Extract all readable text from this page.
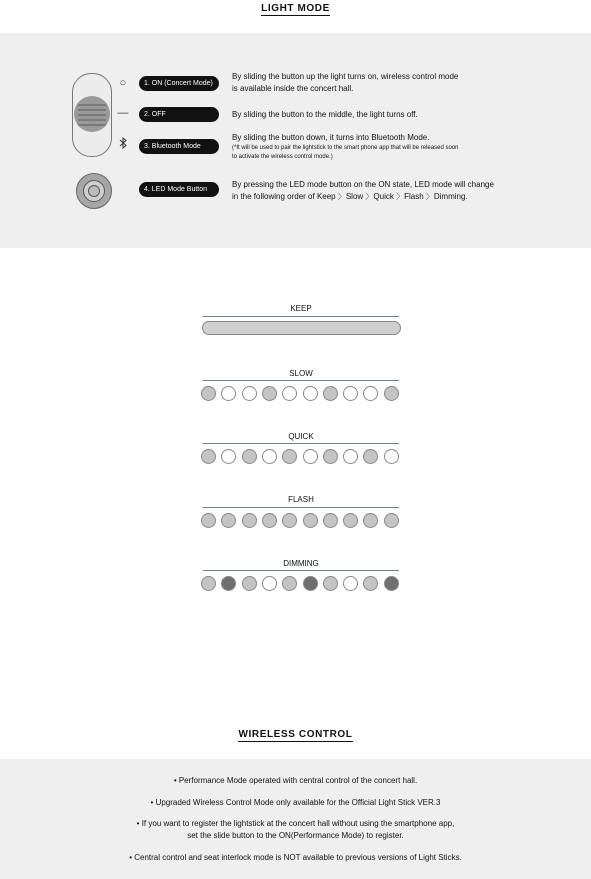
LIGHT MODE
○	1. ON (Concert Mode)
By sliding the button up the light turns on, wireless control mode
is available inside the concert hall.
—	2. OFF	By sliding the button to the middle, the light turns off.
3. Bluetooth Mode
By sliding the button down, it turns into Bluetooth Mode.
(*It will be used to pair the lightstick to the smart phone app that will be released soon
to activate the wireless control mode.)
4. LED Mode Button
By pressing the LED mode button on the ON state, LED mode will change
in the following order of Keep 〉Slow 〉Quick 〉Flash 〉Dimming.
KEEP
SLOW
QUICK
FLASH
DIMMING
WIRELESS CONTROL
• Performance Mode operated with central control of the concert hall.
• Upgraded Wireless Control Mode only available for the Official Light Stick VER.3
• If you want to register the lightstick at the concert hall without using the smartphone app,
set the slide button to the ON(Performance Mode) to register.
• Central control and seat interlock mode is NOT available to previous versions of Light Sticks.
